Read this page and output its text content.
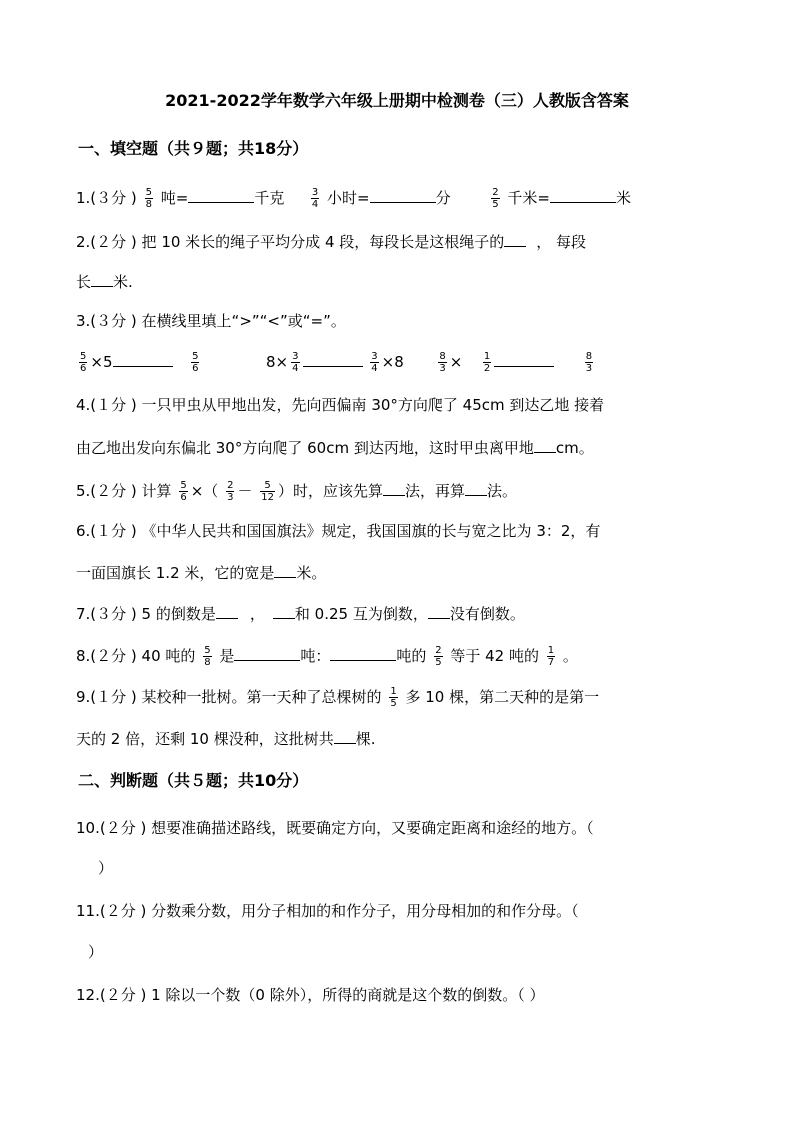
2021-2022学年数学六年级上册期中检测卷（三）人教版含答案
一、填空题（共９题；共18分）
1.(３分 ) $\frac{5}{8}$ 吨=	千克	$\frac{3}{4}$ 小时=	分	$\frac{2}{5}$ 千米=	米
2.(２分 ) 把 10 米长的绳子平均分成 4 段，每段长是这根绳子的 ， 每段
长 米.
3.(３分 ) 在横线里填上“>”“<”或“=”。
$\frac{5}{6} \times 5$	$\frac{5}{6}$	$8\times \frac{3}{4}$
	$\frac{3}{4} \times 8$	$\frac{8}{3} \times \frac{1}{2}$
	$\frac{8}{3}$
4.(１分 ) 一只甲虫从甲地出发，先向西偏南 30°方向爬了 45cm 到达乙地 接着
由乙地出发向东偏北 30°方向爬了 60cm 到达丙地，这时甲虫离甲地 cm。
5.(２分 ) 计算 $\frac{5}{6}$ ×（ $\frac{2}{3} - \frac{5}{12}$ ）时，应该先算 法，再算 法。
6.(１分 ) 《中华人民共和国国旗法》规定，我国国旗的长与宽之比为 3：2，有
一面国旗长 1.2 米，它的宽是 米。
7.(３分 ) 5 的倒数是 ， 和 0.25 互为倒数， 没有倒数。
8.(２分 ) 40 吨的 $\frac{5}{8}$ 是	吨：	吨的 $\frac{2}{5}$ 等于 42 吨的 $\frac{1}{7}$ 。
9.(１分 ) 某校种一批树。第一天种了总棵树的 $\frac{1}{5}$ 多 10 棵，第二天种的是第一
天的 2 倍，还剩 10 棵没种，这批树共 棵.
二、判断题（共５题；共10分）
10.(２分 ) 想要准确描述路线，既要确定方向，又要确定距离和途经的地方。（
）
11.(２分 ) 分数乘分数，用分子相加的和作分子，用分母相加的和作分母。（
）
12.(２分 ) 1 除以一个数（0 除外），所得的商就是这个数的倒数。（ ）
